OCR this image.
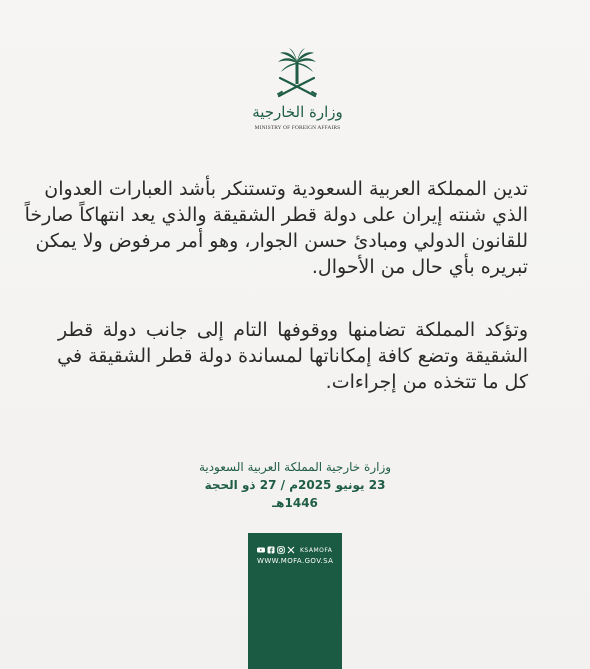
وزارة الخارجية
MINISTRY OF FOREIGN AFFAIRS
تدين المملكة العربية السعودية وتستنكر بأشد العبارات العدوان
الذي شنته إيران على دولة قطر الشقيقة والذي يعد انتهاكاً صارخاً
للقانون الدولي ومبادئ حسن الجوار، وهو أمر مرفوض ولا يمكن
تبريره بأي حال من الأحوال.
وتؤكد المملكة تضامنها ووقوفها التام إلى جانب دولة قطر
الشقيقة وتضع كافة إمكاناتها لمساندة دولة قطر الشقيقة في
كل ما تتخذه من إجراءات.
وزارة خارجية المملكة العربية السعودية
23 يونيو 2025م / 27 ذو الحجة 1446هـ
KSAMOFA
WWW.MOFA.GOV.SA
